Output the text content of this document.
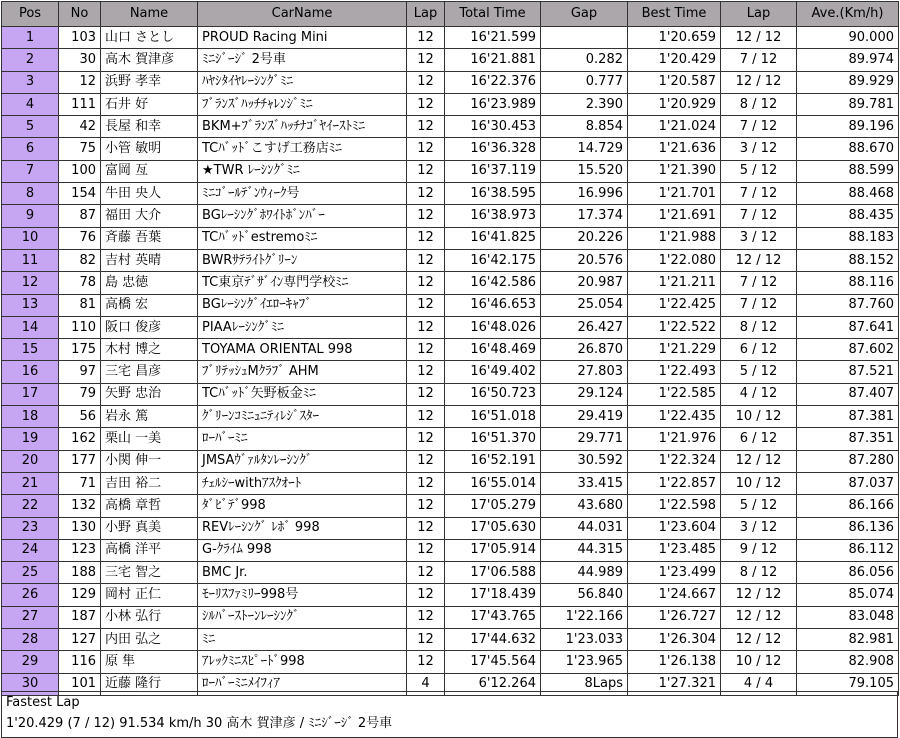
Pos	No	Name	CarName	Lap	Total Time	Gap	Best Time	Lap	Ave.(Km/h)
1	103	山口 さとし	PROUD Racing Mini	12	16'21.599		1'20.659	12 / 12	90.000
2	30	高木 賀津彦	ﾐﾆｼﾞｰｼﾞ 2号車	12	16'21.881	0.282	1'20.429	7 / 12	89.974
3	12	浜野 孝幸	ﾊﾔｼﾀｲﾔﾚｰｼﾝｸﾞﾐﾆ	12	16'22.376	0.777	1'20.587	12 / 12	89.929
4	111	石井 好	ﾌﾞﾗﾝｽﾞﾊｯﾁﾁｬﾚﾝｼﾞﾐﾆ	12	16'23.989	2.390	1'20.929	8 / 12	89.781
5	42	長屋 和幸	BKM+ﾌﾞﾗﾝｽﾞﾊｯﾁﾅｺﾞﾔｲｰｽﾄﾐﾆ	12	16'30.453	8.854	1'21.024	7 / 12	89.196
6	75	小管 敏明	TCﾊﾞｯﾄﾞこすげ工務店ﾐﾆ	12	16'36.328	14.729	1'21.636	3 / 12	88.670
7	100	富岡 亙	★TWR ﾚｰｼﾝｸﾞﾐﾆ	12	16'37.119	15.520	1'21.390	5 / 12	88.599
8	154	牛田 央人	ﾐﾆｺﾞｰﾙﾃﾞﾝｳｨｰｸ号	12	16'38.595	16.996	1'21.701	7 / 12	88.468
9	87	福田 大介	BGﾚｰｼﾝｸﾞﾎﾜｲﾄﾎﾞﾝﾊﾞｰ	12	16'38.973	17.374	1'21.691	7 / 12	88.435
10	76	斉藤 吾葉	TCﾊﾞｯﾄﾞestremoﾐﾆ	12	16'41.825	20.226	1'21.988	3 / 12	88.183
11	82	吉村 英晴	BWRｻﾃﾗｲﾄｸﾞﾘｰﾝ	12	16'42.175	20.576	1'22.080	12 / 12	88.152
12	78	島 忠徳	TC東京ﾃﾞｻﾞｲﾝ専門学校ﾐﾆ	12	16'42.586	20.987	1'21.211	7 / 12	88.116
13	81	高橋 宏	BGﾚｰｼﾝｸﾞｲｴﾛｰｷｬﾌﾞ	12	16'46.653	25.054	1'22.425	7 / 12	87.760
14	110	阪口 俊彦	PIAAﾚｰｼﾝｸﾞﾐﾆ	12	16'48.026	26.427	1'22.522	8 / 12	87.641
15	175	木村 博之	TOYAMA ORIENTAL 998	12	16'48.469	26.870	1'21.229	6 / 12	87.602
16	97	三宅 昌彦	ﾌﾞﾘﾃｯｼｭMｸﾗﾌﾞ AHM	12	16'49.402	27.803	1'22.493	5 / 12	87.521
17	79	矢野 忠治	TCﾊﾞｯﾄﾞ矢野板金ﾐﾆ	12	16'50.723	29.124	1'22.585	4 / 12	87.407
18	56	岩永 篤	ｸﾞﾘｰﾝｺﾐﾆｭﾆﾃｨﾚｼﾞｽﾀｰ	12	16'51.018	29.419	1'22.435	10 / 12	87.381
19	162	栗山 一美	ﾛｰﾊﾞｰﾐﾆ	12	16'51.370	29.771	1'21.976	6 / 12	87.351
20	177	小関 伸一	JMSAｳﾞｧﾙﾀﾝﾚｰｼﾝｸﾞ	12	16'52.191	30.592	1'22.324	12 / 12	87.280
21	71	吉田 裕二	ﾁｪﾙｼｰwithｱｽｸｵｰﾄ	12	16'55.014	33.415	1'22.857	10 / 12	87.037
22	132	高橋 章哲	ﾀﾞﾋﾞﾃﾞ998	12	17'05.279	43.680	1'22.598	5 / 12	86.166
23	130	小野 真美	REVﾚｰｼﾝｸﾞ ﾚﾎﾞ 998	12	17'05.630	44.031	1'23.604	3 / 12	86.136
24	123	高橋 洋平	G-ｸﾗｲﾑ 998	12	17'05.914	44.315	1'23.485	9 / 12	86.112
25	188	三宅 智之	BMC Jr.	12	17'06.588	44.989	1'23.499	8 / 12	86.056
26	129	岡村 正仁	ﾓｰﾘｽﾌｧﾐﾘｰ998号	12	17'18.439	56.840	1'24.667	12 / 12	85.074
27	187	小林 弘行	ｼﾙﾊﾞｰｽﾄｰﾝﾚｰｼﾝｸﾞ	12	17'43.765	1'22.166	1'26.727	12 / 12	83.048
28	127	内田 弘之	ﾐﾆ	12	17'44.632	1'23.033	1'26.304	12 / 12	82.981
29	116	原 隼	ｱﾚｯｸﾐﾆｽﾋﾟｰﾄﾞ998	12	17'45.564	1'23.965	1'26.138	10 / 12	82.908
30	101	近藤 隆行	ﾛｰﾊﾞｰﾐﾆﾒｲﾌｨｱ	4	6'12.264	8Laps	1'27.321	4 / 4	79.105
Fastest Lap
1'20.429 (7 / 12) 91.534 km/h 30 高木 賀津彦 / ﾐﾆｼﾞｰｼﾞ 2号車
